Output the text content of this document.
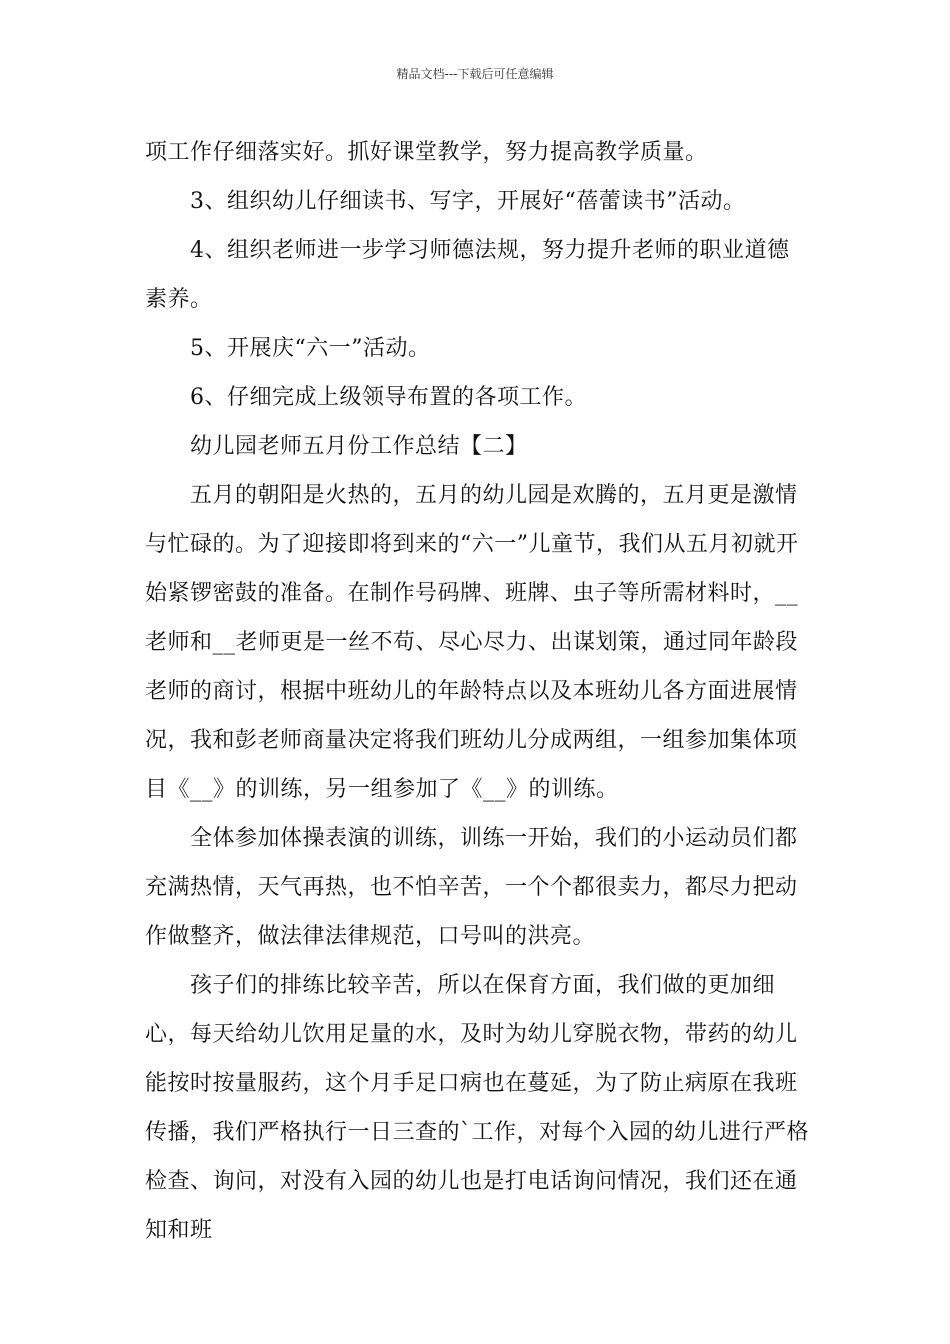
精品文档---下载后可任意编辑

项工作仔细落实好。抓好课堂教学，努力提高教学质量。

3、组织幼儿仔细读书、写字，开展好“蓓蕾读书”活动。

4、组织老师进一步学习师德法规，努力提升老师的职业道德素养。

5、开展庆“六一”活动。

6、仔细完成上级领导布置的各项工作。

幼儿园老师五月份工作总结【二】

五月的朝阳是火热的，五月的幼儿园是欢腾的，五月更是激情与忙碌的。为了迎接即将到来的“六一”儿童节，我们从五月初就开始紧锣密鼓的准备。在制作号码牌、班牌、虫子等所需材料时，__老师和__老师更是一丝不苟、尽心尽力、出谋划策，通过同年龄段老师的商讨，根据中班幼儿的年龄特点以及本班幼儿各方面进展情况，我和彭老师商量决定将我们班幼儿分成两组，一组参加集体项目《__》的训练，另一组参加了《__》的训练。

全体参加体操表演的训练，训练一开始，我们的小运动员们都充满热情，天气再热，也不怕辛苦，一个个都很卖力，都尽力把动作做整齐，做法律法律规范，口号叫的洪亮。

孩子们的排练比较辛苦，所以在保育方面，我们做的更加细心，每天给幼儿饮用足量的水，及时为幼儿穿脱衣物，带药的幼儿能按时按量服药，这个月手足口病也在蔓延，为了防止病原在我班传播，我们严格执行一日三查的`工作，对每个入园的幼儿进行严格检查、询问，对没有入园的幼儿也是打电话询问情况，我们还在通知和班
